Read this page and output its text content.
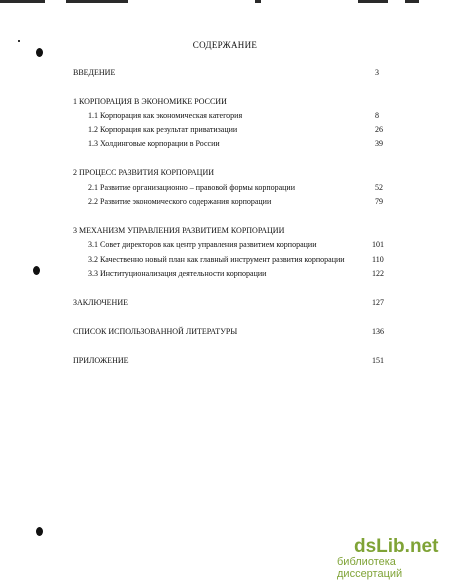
СОДЕРЖАНИЕ
ВВЕДЕНИЕ	3
1 КОРПОРАЦИЯ В ЭКОНОМИКЕ РОССИИ
1.1 Корпорация как экономическая категория	8
1.2 Корпорация как результат приватизации	26
1.3 Холдинговые корпорации в России	39
2 ПРОЦЕСС РАЗВИТИЯ КОРПОРАЦИИ
2.1 Развитие организационно – правовой формы корпорации	52
2.2 Развитие экономического содержания корпорации	79
3 МЕХАНИЗМ УПРАВЛЕНИЯ РАЗВИТИЕМ КОРПОРАЦИИ
3.1 Совет директоров как центр управления развитием корпорации	101
3.2 Качественно новый план как главный инструмент развития корпорации	110
3.3 Институционализация деятельности корпорации	122
ЗАКЛЮЧЕНИЕ	127
СПИСОК ИСПОЛЬЗОВАННОЙ ЛИТЕРАТУРЫ	136
ПРИЛОЖЕНИЕ	151
dsLib.net
библиотека диссертаций
